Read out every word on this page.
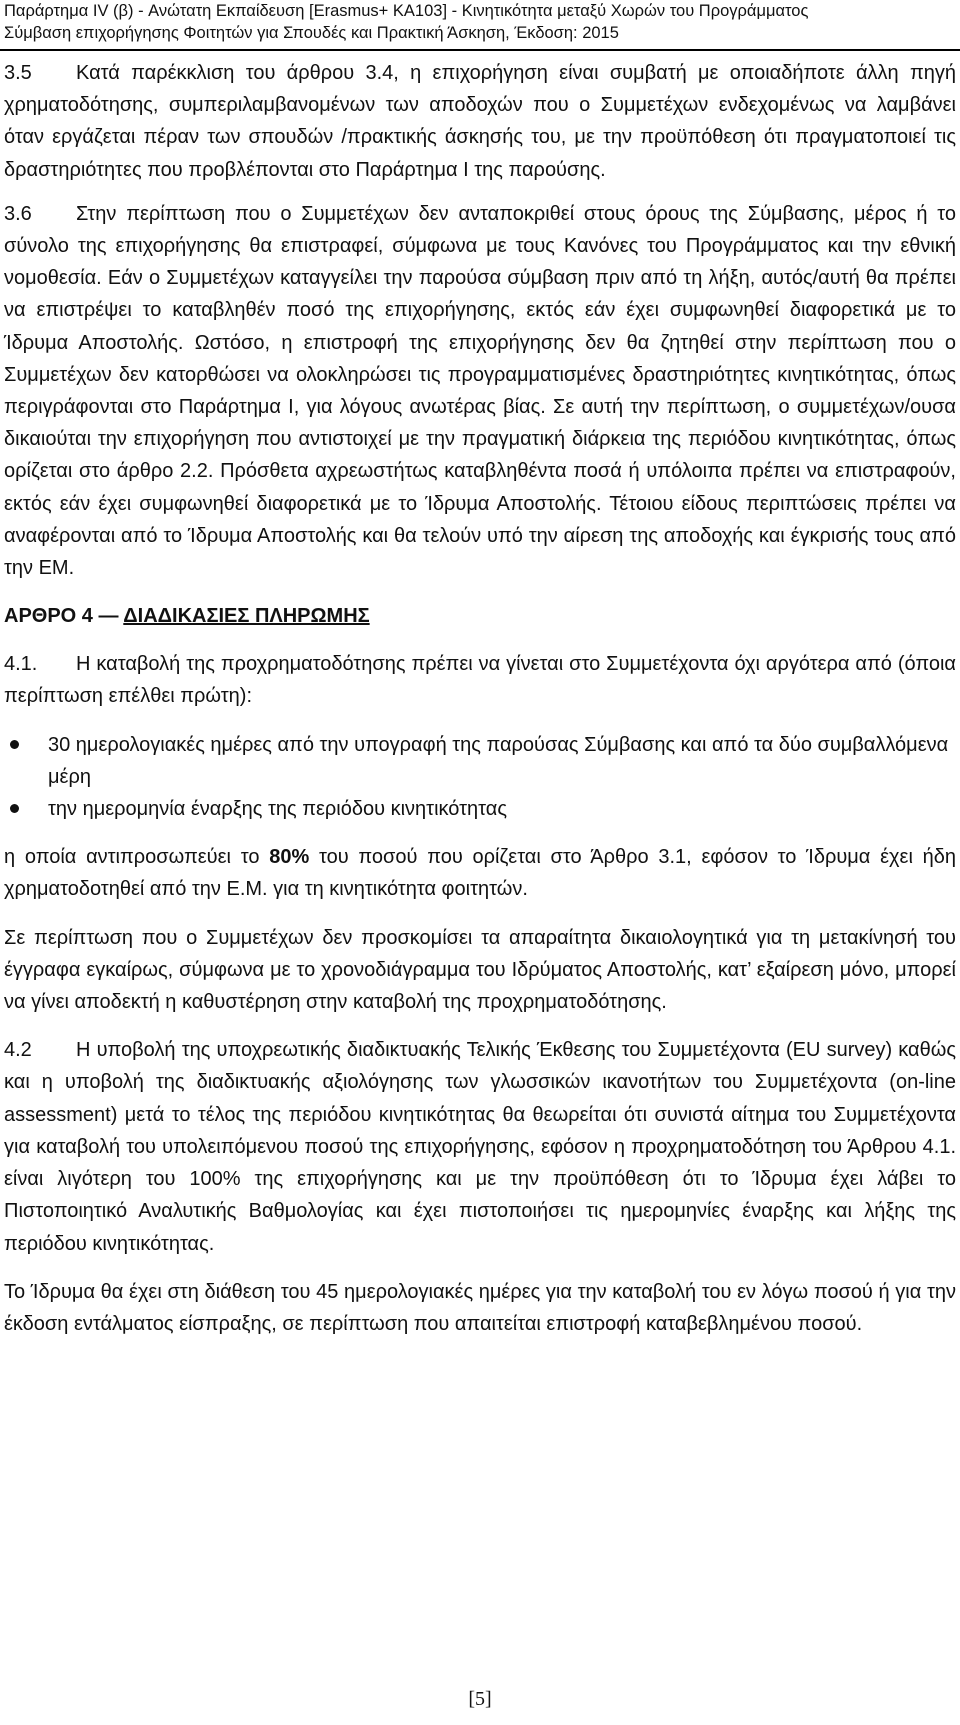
Παράρτημα IV (β) - Ανώτατη Εκπαίδευση [Erasmus+ KA103] - Κινητικότητα μεταξύ Χωρών του Προγράμματος
Σύμβαση επιχορήγησης Φοιτητών για Σπουδές και Πρακτική Άσκηση, Έκδοση: 2015

3.5 Κατά παρέκκλιση του άρθρου 3.4, η επιχορήγηση είναι συμβατή με οποιαδήποτε άλλη πηγή χρηματοδότησης, συμπεριλαμβανομένων των αποδοχών που ο Συμμετέχων ενδεχομένως να λαμβάνει όταν εργάζεται πέραν των σπουδών /πρακτικής άσκησής του, με την προϋπόθεση ότι πραγματοποιεί τις δραστηριότητες που προβλέπονται στο Παράρτημα I της παρούσης.

3.6 Στην περίπτωση που ο Συμμετέχων δεν ανταποκριθεί στους όρους της Σύμβασης, μέρος ή το σύνολο της επιχορήγησης θα επιστραφεί, σύμφωνα με τους Κανόνες του Προγράμματος και την εθνική νομοθεσία. Εάν ο Συμμετέχων καταγγείλει την παρούσα σύμβαση πριν από τη λήξη, αυτός/αυτή θα πρέπει να επιστρέψει το καταβληθέν ποσό της επιχορήγησης, εκτός εάν έχει συμφωνηθεί διαφορετικά με το Ίδρυμα Αποστολής. Ωστόσο, η επιστροφή της επιχορήγησης δεν θα ζητηθεί στην περίπτωση που ο Συμμετέχων δεν κατορθώσει να ολοκληρώσει τις προγραμματισμένες δραστηριότητες κινητικότητας, όπως περιγράφονται στο Παράρτημα I, για λόγους ανωτέρας βίας. Σε αυτή την περίπτωση, ο συμμετέχων/ουσα δικαιούται την επιχορήγηση που αντιστοιχεί με την πραγματική διάρκεια της περιόδου κινητικότητας, όπως ορίζεται στο άρθρο 2.2. Πρόσθετα αχρεωστήτως καταβληθέντα ποσά ή υπόλοιπα πρέπει να επιστραφούν, εκτός εάν έχει συμφωνηθεί διαφορετικά με το Ίδρυμα Αποστολής. Τέτοιου είδους περιπτώσεις πρέπει να αναφέρονται από το Ίδρυμα Αποστολής και θα τελούν υπό την αίρεση της αποδοχής και έγκρισής τους από την ΕΜ.

ΑΡΘΡΟ 4 — ΔΙΑΔΙΚΑΣΙΕΣ ΠΛΗΡΩΜΗΣ

4.1. Η καταβολή της προχρηματοδότησης πρέπει να γίνεται στο Συμμετέχοντα όχι αργότερα από (όποια περίπτωση επέλθει πρώτη):

30 ημερολογιακές ημέρες από την υπογραφή της παρούσας Σύμβασης και από τα δύο συμβαλλόμενα μέρη
την ημερομηνία έναρξης της περιόδου κινητικότητας

η οποία αντιπροσωπεύει το 80% του ποσού που ορίζεται στο Άρθρο 3.1, εφόσον το Ίδρυμα έχει ήδη χρηματοδοτηθεί από την Ε.Μ. για τη κινητικότητα φοιτητών.

Σε περίπτωση που ο Συμμετέχων δεν προσκομίσει τα απαραίτητα δικαιολογητικά για τη μετακίνησή του έγγραφα εγκαίρως, σύμφωνα με το χρονοδιάγραμμα του Ιδρύματος Αποστολής, κατ’ εξαίρεση μόνο, μπορεί να γίνει αποδεκτή η καθυστέρηση στην καταβολή της προχρηματοδότησης.

4.2 Η υποβολή της υποχρεωτικής διαδικτυακής Τελικής Έκθεσης του Συμμετέχοντα (EU survey) καθώς και η υποβολή της διαδικτυακής αξιολόγησης των γλωσσικών ικανοτήτων του Συμμετέχοντα (on-line assessment) μετά το τέλος της περιόδου κινητικότητας θα θεωρείται ότι συνιστά αίτημα του Συμμετέχοντα για καταβολή του υπολειπόμενου ποσού της επιχορήγησης, εφόσον η προχρηματοδότηση του Άρθρου 4.1. είναι λιγότερη του 100% της επιχορήγησης και με την προϋπόθεση ότι το Ίδρυμα έχει λάβει το Πιστοποιητικό Αναλυτικής Βαθμολογίας και έχει πιστοποιήσει τις ημερομηνίες έναρξης και λήξης της περιόδου κινητικότητας.

Το Ίδρυμα θα έχει στη διάθεση του 45 ημερολογιακές ημέρες για την καταβολή του εν λόγω ποσού ή για την έκδοση εντάλματος είσπραξης, σε περίπτωση που απαιτείται επιστροφή καταβεβλημένου ποσού.

[5]
